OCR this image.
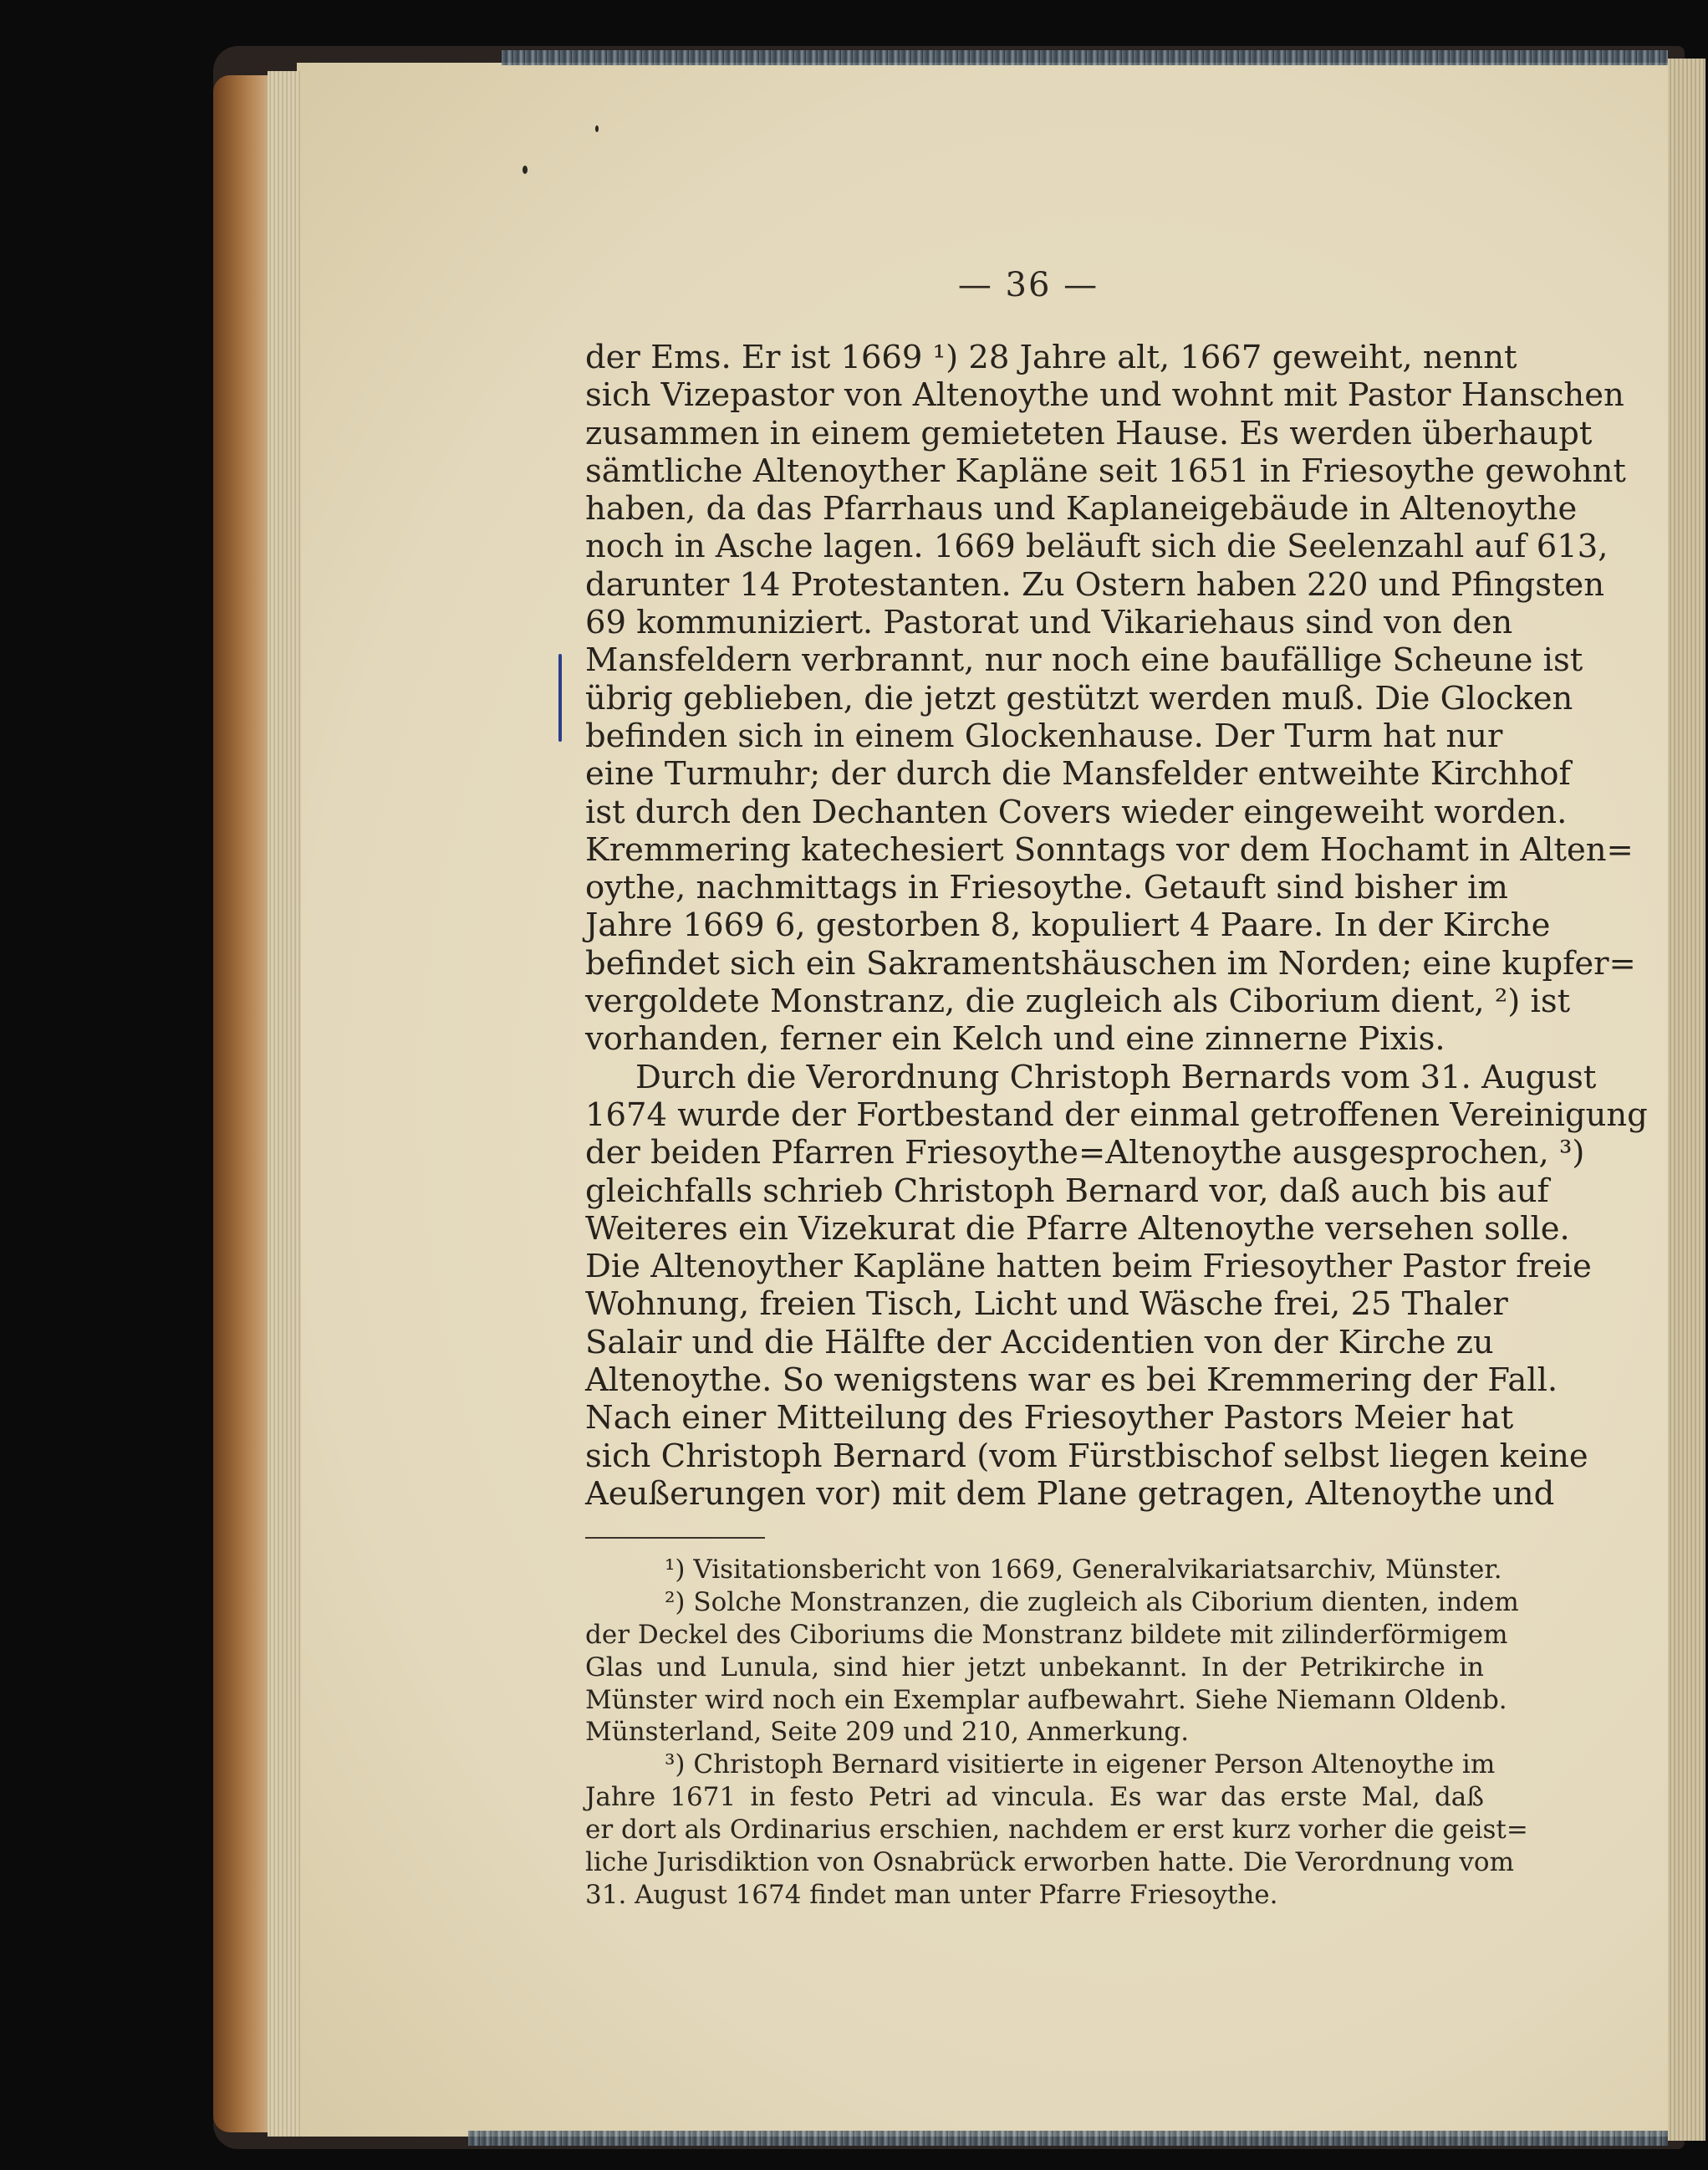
— 36 —
der Ems. Er ist 1669 ¹) 28 Jahre alt, 1667 geweiht, nennt
sich Vizepastor von Altenoythe und wohnt mit Pastor Hanschen
zusammen in einem gemieteten Hause. Es werden überhaupt
sämtliche Altenoyther Kapläne seit 1651 in Friesoythe gewohnt
haben, da das Pfarrhaus und Kaplaneigebäude in Altenoythe
noch in Asche lagen. 1669 beläuft sich die Seelenzahl auf 613,
darunter 14 Protestanten. Zu Ostern haben 220 und Pfingsten
69 kommuniziert. Pastorat und Vikariehaus sind von den
Mansfeldern verbrannt, nur noch eine baufällige Scheune ist
übrig geblieben, die jetzt gestützt werden muß. Die Glocken
befinden sich in einem Glockenhause. Der Turm hat nur
eine Turmuhr; der durch die Mansfelder entweihte Kirchhof
ist durch den Dechanten Covers wieder eingeweiht worden.
Kremmering katechesiert Sonntags vor dem Hochamt in Alten=
oythe, nachmittags in Friesoythe. Getauft sind bisher im
Jahre 1669 6, gestorben 8, kopuliert 4 Paare. In der Kirche
befindet sich ein Sakramentshäuschen im Norden; eine kupfer=
vergoldete Monstranz, die zugleich als Ciborium dient, ²) ist
vorhanden, ferner ein Kelch und eine zinnerne Pixis.
Durch die Verordnung Christoph Bernards vom 31. August
1674 wurde der Fortbestand der einmal getroffenen Vereinigung
der beiden Pfarren Friesoythe=Altenoythe ausgesprochen, ³)
gleichfalls schrieb Christoph Bernard vor, daß auch bis auf
Weiteres ein Vizekurat die Pfarre Altenoythe versehen solle.
Die Altenoyther Kapläne hatten beim Friesoyther Pastor freie
Wohnung, freien Tisch, Licht und Wäsche frei, 25 Thaler
Salair und die Hälfte der Accidentien von der Kirche zu
Altenoythe. So wenigstens war es bei Kremmering der Fall.
Nach einer Mitteilung des Friesoyther Pastors Meier hat
sich Christoph Bernard (vom Fürstbischof selbst liegen keine
Aeußerungen vor) mit dem Plane getragen, Altenoythe und
¹) Visitationsbericht von 1669, Generalvikariatsarchiv, Münster.
²) Solche Monstranzen, die zugleich als Ciborium dienten, indem
der Deckel des Ciboriums die Monstranz bildete mit zilinderförmigem
Glas und Lunula, sind hier jetzt unbekannt. In der Petrikirche in
Münster wird noch ein Exemplar aufbewahrt. Siehe Niemann Oldenb.
Münsterland, Seite 209 und 210, Anmerkung.
³) Christoph Bernard visitierte in eigener Person Altenoythe im
Jahre 1671 in festo Petri ad vincula. Es war das erste Mal, daß
er dort als Ordinarius erschien, nachdem er erst kurz vorher die geist=
liche Jurisdiktion von Osnabrück erworben hatte. Die Verordnung vom
31. August 1674 findet man unter Pfarre Friesoythe.
